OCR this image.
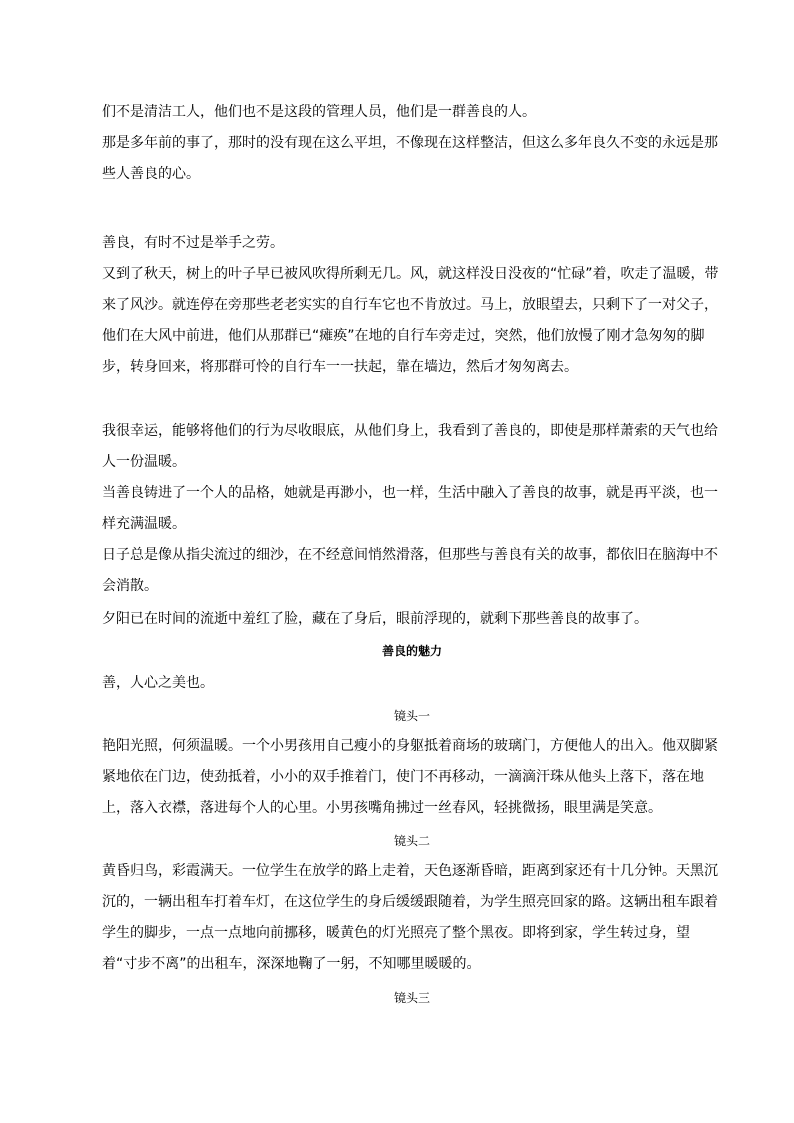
们不是清洁工人，他们也不是这段的管理人员，他们是一群善良的人。

那是多年前的事了，那时的没有现在这么平坦，不像现在这样整洁，但这么多年良久不变的永远是那些人善良的心。

善良，有时不过是举手之劳。

又到了秋天，树上的叶子早已被风吹得所剩无几。风，就这样没日没夜的“忙碌”着，吹走了温暖，带来了风沙。就连停在旁那些老老实实的自行车它也不肯放过。马上，放眼望去，只剩下了一对父子，他们在大风中前进，他们从那群已“瘫痪”在地的自行车旁走过，突然，他们放慢了刚才急匆匆的脚步，转身回来，将那群可怜的自行车一一扶起，靠在墙边，然后才匆匆离去。

我很幸运，能够将他们的行为尽收眼底，从他们身上，我看到了善良的，即使是那样萧索的天气也给人一份温暖。

当善良铸进了一个人的品格，她就是再渺小，也一样，生活中融入了善良的故事，就是再平淡，也一样充满温暖。

日子总是像从指尖流过的细沙，在不经意间悄然滑落，但那些与善良有关的故事，都依旧在脑海中不会消散。

夕阳已在时间的流逝中羞红了脸，藏在了身后，眼前浮现的，就剩下那些善良的故事了。

善良的魅力

善，人心之美也。

镜头一

艳阳光照，何须温暖。一个小男孩用自己瘦小的身躯抵着商场的玻璃门，方便他人的出入。他双脚紧紧地依在门边，使劲抵着，小小的双手推着门，使门不再移动，一滴滴汗珠从他头上落下，落在地上，落入衣襟，落进每个人的心里。小男孩嘴角拂过一丝春风，轻挑微扬，眼里满是笑意。

镜头二

黄昏归鸟，彩霞满天。一位学生在放学的路上走着，天色逐渐昏暗，距离到家还有十几分钟。天黑沉沉的，一辆出租车打着车灯，在这位学生的身后缓缓跟随着，为学生照亮回家的路。这辆出租车跟着学生的脚步，一点一点地向前挪移，暖黄色的灯光照亮了整个黑夜。即将到家，学生转过身，望着“寸步不离”的出租车，深深地鞠了一躬，不知哪里暖暖的。

镜头三
